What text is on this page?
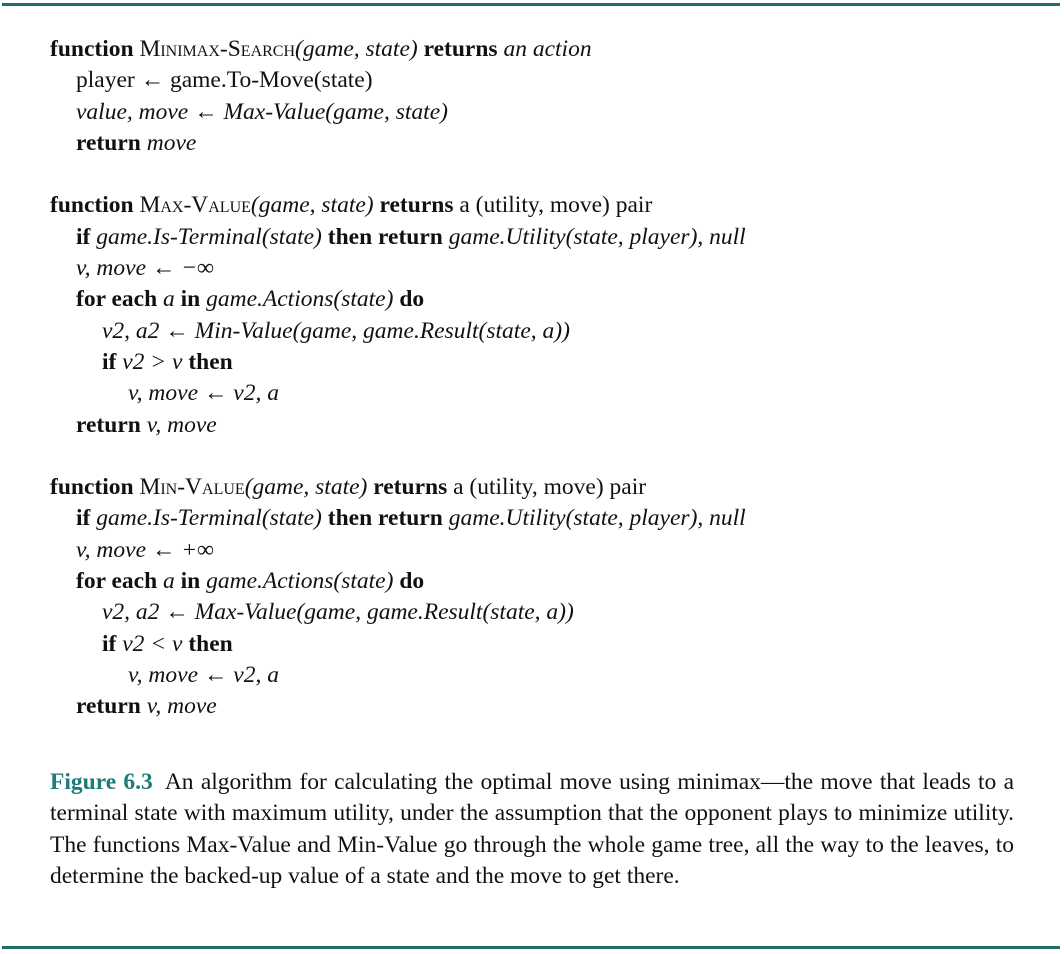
function Minimax-Search(game, state) returns an action
player ← game.To-Move(state)
value, move ← Max-Value(game, state)
return move
function Max-Value(game, state) returns a (utility, move) pair
if game.Is-Terminal(state) then return game.Utility(state, player), null
v, move ← −∞
for each a in game.Actions(state) do
v2, a2 ← Min-Value(game, game.Result(state, a))
if v2 > v then
v, move ← v2, a
return v, move
function Min-Value(game, state) returns a (utility, move) pair
if game.Is-Terminal(state) then return game.Utility(state, player), null
v, move ← +∞
for each a in game.Actions(state) do
v2, a2 ← Max-Value(game, game.Result(state, a))
if v2 < v then
v, move ← v2, a
return v, move
Figure 6.3 An algorithm for calculating the optimal move using minimax—the move that leads to a terminal state with maximum utility, under the assumption that the opponent plays to minimize utility. The functions Max-Value and Min-Value go through the whole game tree, all the way to the leaves, to determine the backed-up value of a state and the move to get there.
